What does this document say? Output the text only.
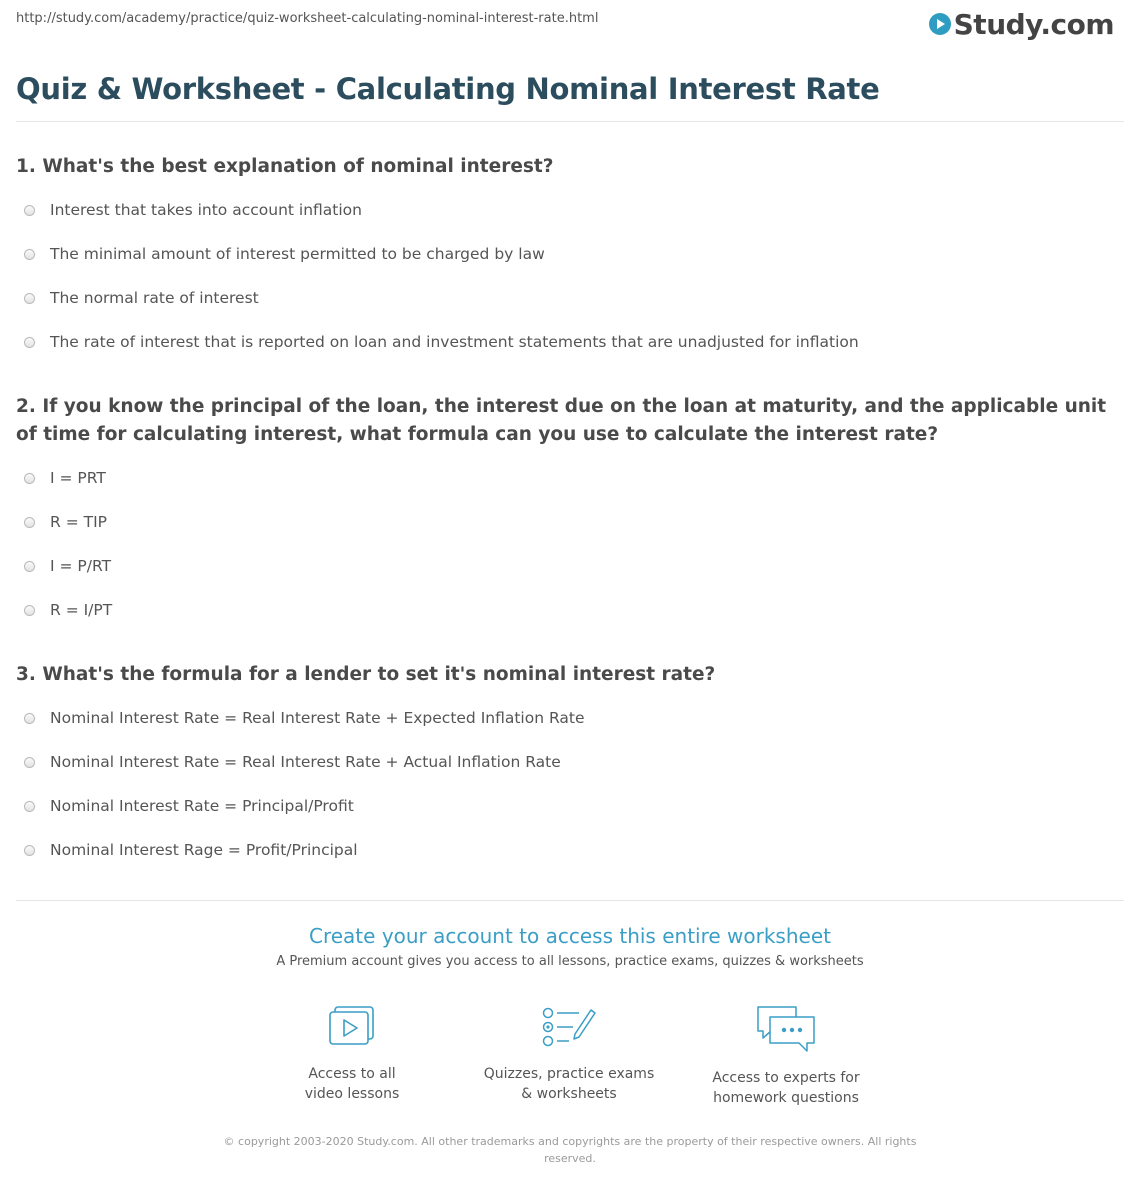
http://study.com/academy/practice/quiz-worksheet-calculating-nominal-interest-rate.html	Study.com
Quiz & Worksheet - Calculating Nominal Interest Rate

1. What's the best explanation of nominal interest?

Interest that takes into account inflation
The minimal amount of interest permitted to be charged by law
The normal rate of interest
The rate of interest that is reported on loan and investment statements that are unadjusted for inflation

2. If you know the principal of the loan, the interest due on the loan at maturity, and the applicable unit of time for calculating interest, what formula can you use to calculate the interest rate?

I = PRT
R = TIP
I = P/RT
R = I/PT

3. What's the formula for a lender to set it's nominal interest rate?

Nominal Interest Rate = Real Interest Rate + Expected Inflation Rate
Nominal Interest Rate = Real Interest Rate + Actual Inflation Rate
Nominal Interest Rate = Principal/Profit
Nominal Interest Rage = Profit/Principal
Create your account to access this entire worksheet
A Premium account gives you access to all lessons, practice exams, quizzes & worksheets
Access to all
video lessons
Quizzes, practice exams
& worksheets
Access to experts for
homework questions
© copyright 2003-2020 Study.com. All other trademarks and copyrights are the property of their respective owners. All rights reserved.
